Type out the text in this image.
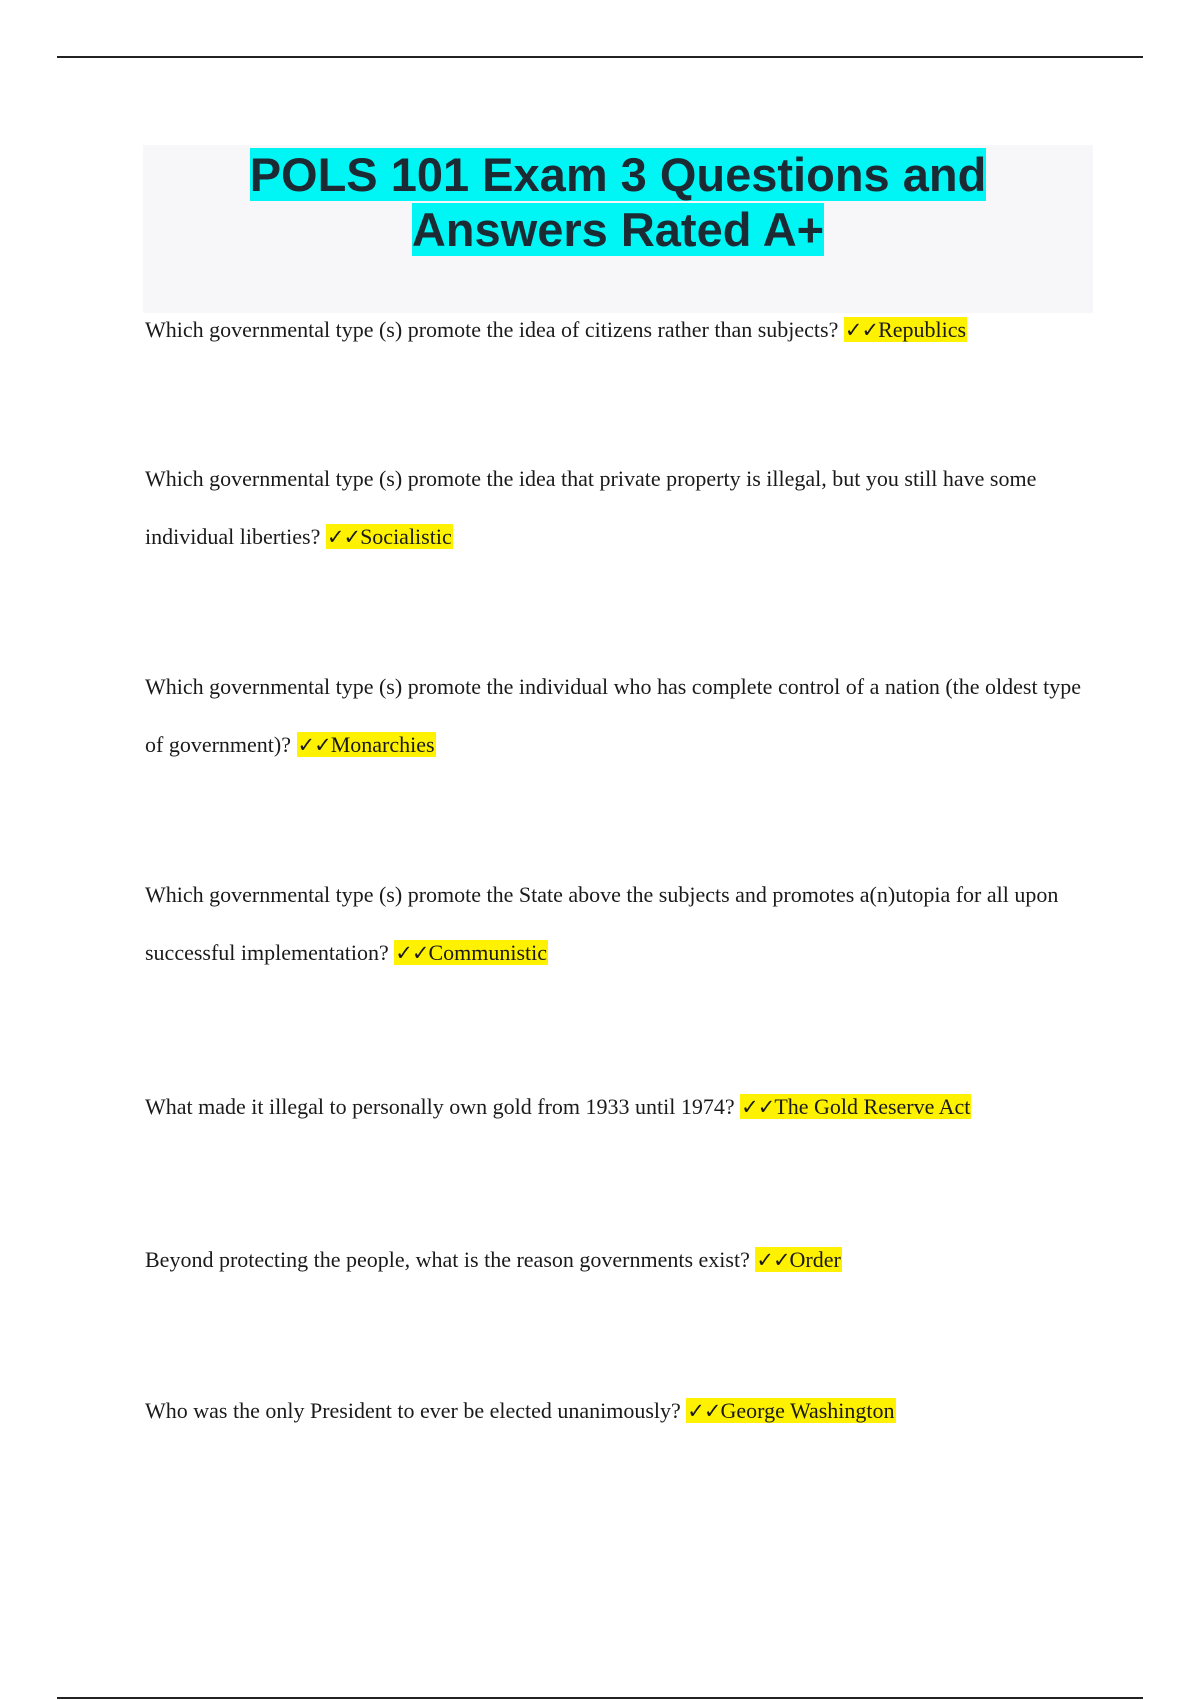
POLS 101 Exam 3 Questions and
Answers Rated A+

Which governmental type (s) promote the idea of citizens rather than subjects? ✓✓Republics

Which governmental type (s) promote the idea that private property is illegal, but you still have some individual liberties? ✓✓Socialistic

Which governmental type (s) promote the individual who has complete control of a nation (the oldest type of government)? ✓✓Monarchies

Which governmental type (s) promote the State above the subjects and promotes a(n)utopia for all upon successful implementation? ✓✓Communistic

What made it illegal to personally own gold from 1933 until 1974? ✓✓The Gold Reserve Act

Beyond protecting the people, what is the reason governments exist? ✓✓Order

Who was the only President to ever be elected unanimously? ✓✓George Washington
